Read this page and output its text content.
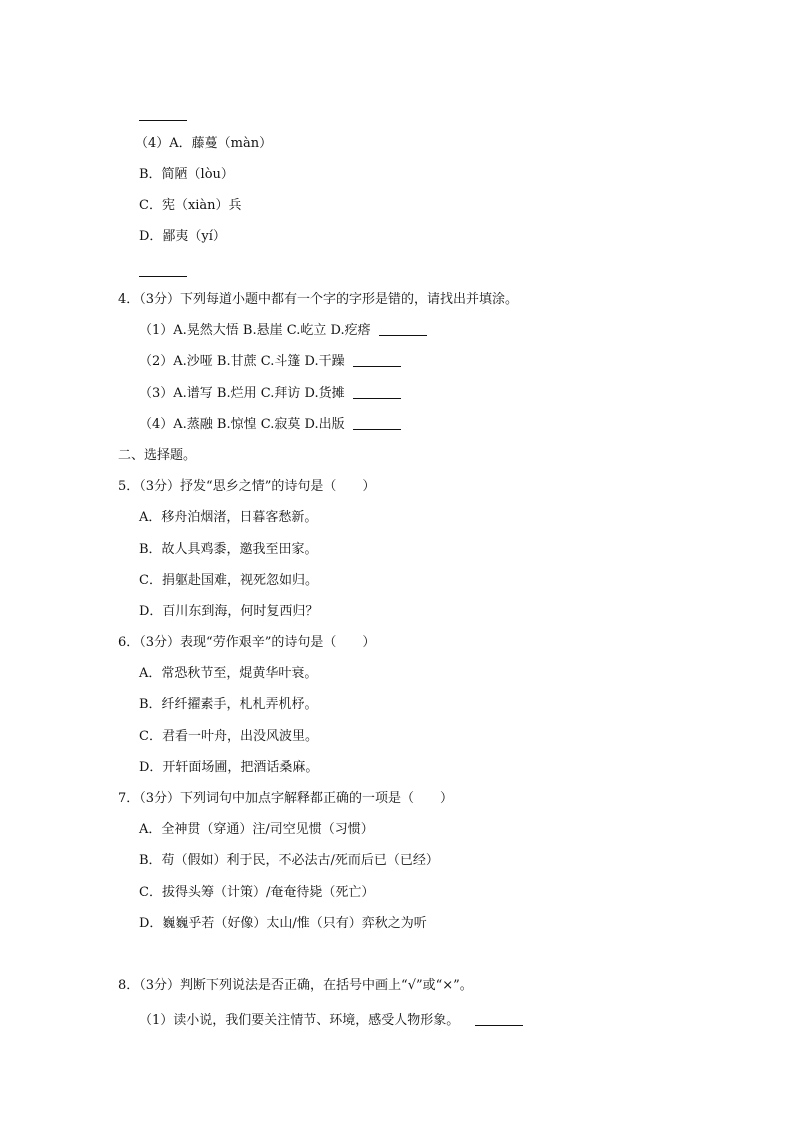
（4）A．藤蔓（màn）
B．简陋（lòu）
C．宪（xiàn）兵
D．鄙夷（yí）
4．（3分）下列每道小题中都有一个字的字形是错的，请找出并填涂。
（1）A.晃然大悟 B.悬崖 C.屹立 D.疙瘩
（2）A.沙哑 B.甘蔗 C.斗篷 D.干躁
（3）A.谱写 B.烂用 C.拜访 D.货摊
（4）A.蒸融 B.惊惶 C.寂莫 D.出版
二、选择题。
5．（3分）抒发“思乡之情”的诗句是（　　）
A．移舟泊烟渚，日暮客愁新。
B．故人具鸡黍，邀我至田家。
C．捐躯赴国难，视死忽如归。
D．百川东到海，何时复西归？
6．（3分）表现“劳作艰辛”的诗句是（　　）
A．常恐秋节至，焜黄华叶衰。
B．纤纤擢素手，札札弄机杼。
C．君看一叶舟，出没风波里。
D．开轩面场圃，把酒话桑麻。
7．（3分）下列词句中加点字解释都正确的一项是（　　）
A．全神贯（穿通）注/司空见惯（习惯）
B．苟（假如）利于民，不必法古/死而后已（已经）
C．拔得头筹（计策）/奄奄待毙（死亡）
D．巍巍乎若（好像）太山/惟（只有）弈秋之为听
8．（3分）判断下列说法是否正确，在括号中画上“√”或“×”。
（1）读小说，我们要关注情节、环境，感受人物形象。
